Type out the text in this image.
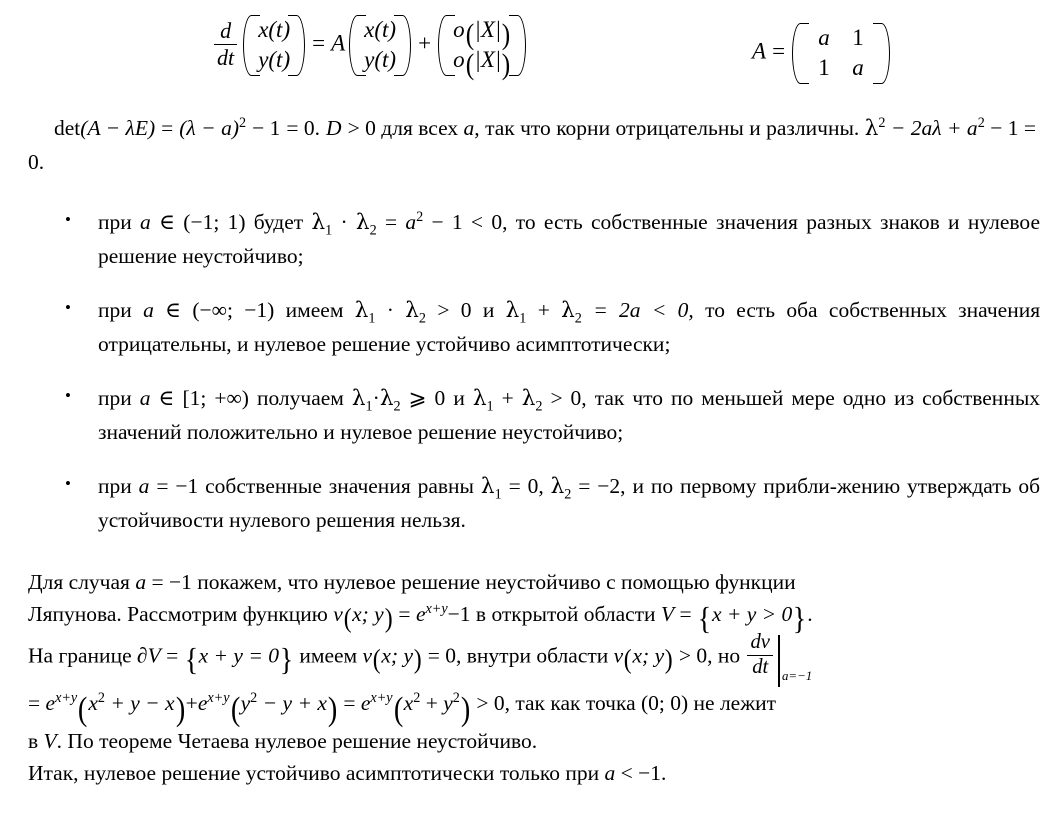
$\frac{d}{dt} x(t)$
y(t)
= A
x(t)
y(t)
+
o(|X|)
o(|X|)	A =
a 1
1 a
$\det(A - \lambda E) = (\lambda - a)^2 - 1 = 0$. D > 0 для всех a, так что корни отрицательны и различны. $\lambda^2 - 2a\lambda + a^2 - 1 = 0$.
• при a ∈ (−1; 1) будет $\lambda_1 \cdot \lambda_2 = a^2 - 1 < 0$, то есть собственные значения разных знаков и нулевое решение неустойчиво;
• при a ∈ (−∞; −1) имеем $\lambda_1 \cdot \lambda_2 > 0$ и $\lambda_1 + \lambda_2 = 2a < 0$, то есть оба собственных значения отрицательны, и нулевое решение устойчиво асимптотически;
• при a ∈ [1; +∞) получаем $\lambda_1\cdot\lambda_2$ ⩾ 0 и $\lambda_1 + \lambda_2 > 0$, так что по меньшей мере одно из собственных значений положительно и нулевое решение неустойчиво;
• при a = −1 собственные значения равны $\lambda_1 = 0$, $\lambda_2 = -2$, и по первому прибли-жению утверждать об устойчивости нулевого решения нельзя.
Для случая a = −1 покажем, что нулевое решение неустойчиво с помощью функции
Ляпунова. Рассмотрим функцию v(x; $y) = e^{x+y}-1$ в открытой области V = {x + y > 0}.
На границе ∂V = {x + y = 0} имеем v(x; y) = 0, внутри области v(x; y) > 0, но $\frac{dv}{dt} a=-1$
= $e^{x+y}(x^2 + y - x)+e^{x+y}(y^2 - y + x) = e^{x+y}(x^2 + y^2) > 0$, так как точка (0; 0) не лежит
в V. По теореме Четаева нулевое решение неустойчиво.
Итак, нулевое решение устойчиво асимптотически только при a < −1.
